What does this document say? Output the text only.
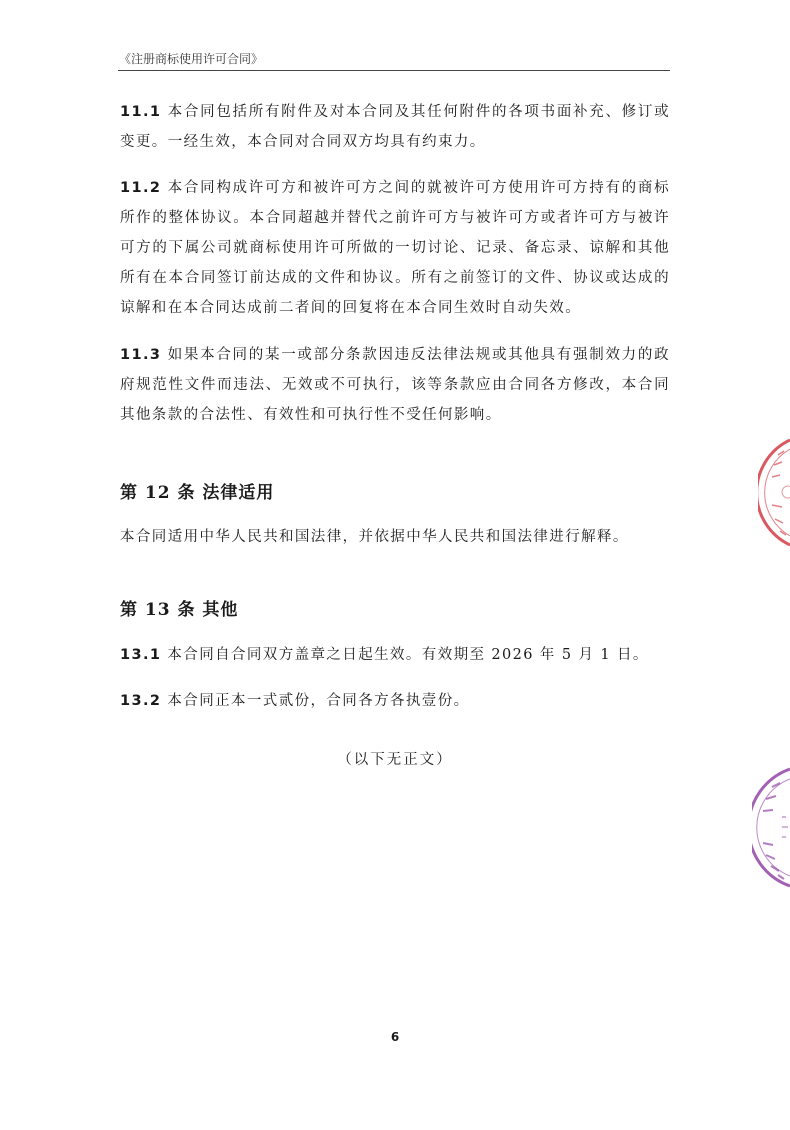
《注册商标使用许可合同》
11.1 本合同包括所有附件及对本合同及其任何附件的各项书面补充、修订或变更。一经生效，本合同对合同双方均具有约束力。
11.2 本合同构成许可方和被许可方之间的就被许可方使用许可方持有的商标所作的整体协议。本合同超越并替代之前许可方与被许可方或者许可方与被许可方的下属公司就商标使用许可所做的一切讨论、记录、备忘录、谅解和其他所有在本合同签订前达成的文件和协议。所有之前签订的文件、协议或达成的谅解和在本合同达成前二者间的回复将在本合同生效时自动失效。
11.3 如果本合同的某一或部分条款因违反法律法规或其他具有强制效力的政府规范性文件而违法、无效或不可执行，该等条款应由合同各方修改，本合同其他条款的合法性、有效性和可执行性不受任何影响。
第 12 条 法律适用
本合同适用中华人民共和国法律，并依据中华人民共和国法律进行解释。
第 13 条 其他
13.1 本合同自合同双方盖章之日起生效。有效期至 2026 年 5 月 1 日。
13.2 本合同正本一式贰份，合同各方各执壹份。
（以下无正文）
6
